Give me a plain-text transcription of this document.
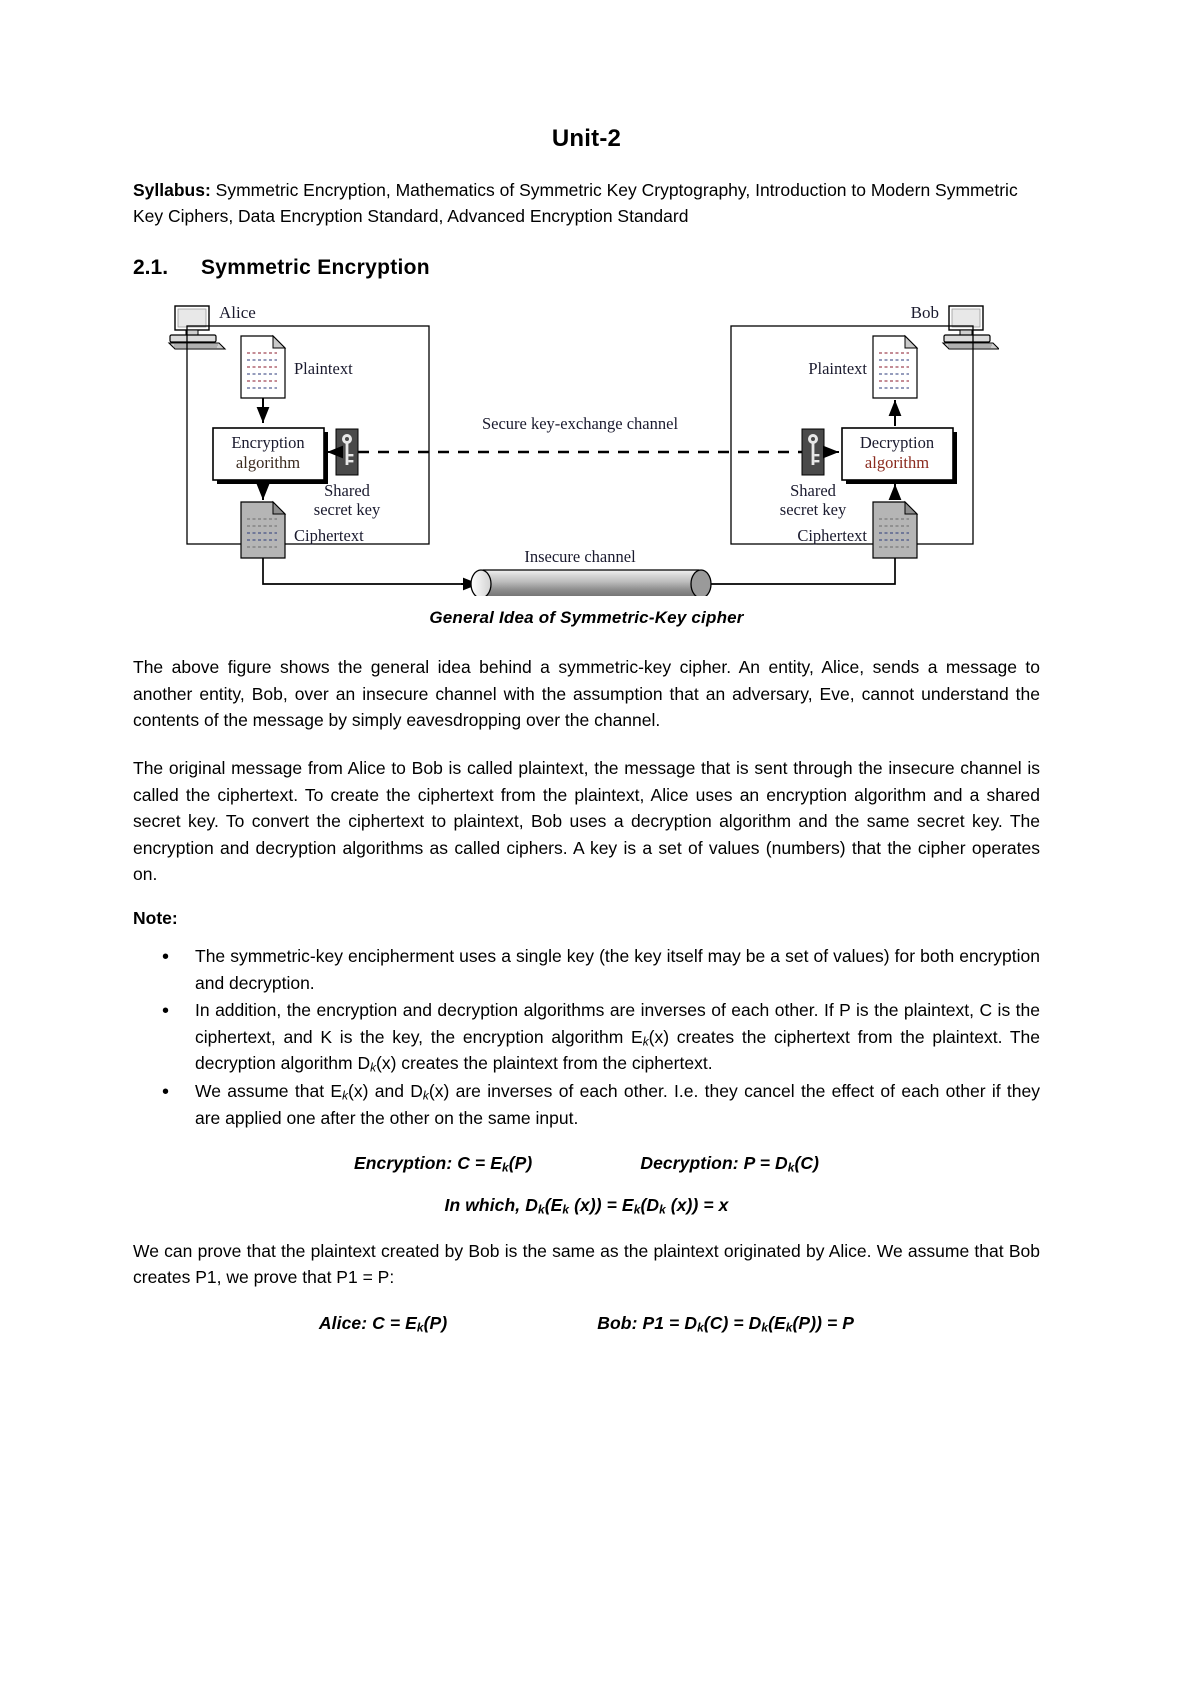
Unit-2

Syllabus: Symmetric Encryption, Mathematics of Symmetric Key Cryptography, Introduction to Modern Symmetric Key Ciphers, Data Encryption Standard, Advanced Encryption Standard

2.1.	Symmetric Encryption
Alice	Bob
Plaintext
Encryption
algorithm
Shared
secret key
Ciphertext
Secure key-exchange channel
Plaintext
Decryption
algorithm
Shared
secret key
Ciphertext
Insecure channel
General Idea of Symmetric-Key cipher

The above figure shows the general idea behind a symmetric-key cipher. An entity, Alice, sends a message to another entity, Bob, over an insecure channel with the assumption that an adversary, Eve, cannot understand the contents of the message by simply eavesdropping over the channel.

The original message from Alice to Bob is called plaintext, the message that is sent through the insecure channel is called the ciphertext. To create the ciphertext from the plaintext, Alice uses an encryption algorithm and a shared secret key. To convert the ciphertext to plaintext, Bob uses a decryption algorithm and the same secret key. The encryption and decryption algorithms as called ciphers. A key is a set of values (numbers) that the cipher operates on.

Note:
• The symmetric-key encipherment uses a single key (the key itself may be a set of values) for both encryption and decryption.
• In addition, the encryption and decryption algorithms are inverses of each other. If P is the plaintext, C is the ciphertext, and K is the key, the encryption algorithm $E_k(x)$ creates the ciphertext from the plaintext. The decryption algorithm $D_k(x)$ creates the plaintext from the ciphertext.
• We assume that $E_k(x)$ and $D_k(x)$ are inverses of each other. I.e. they cancel the effect of each other if they are applied one after the other on the same input.
Encryption: $C = E_k(P)$	Decryption: $P = D_k(C)$
In which, $D_k(E_k$ $(x)) = E_k(D_k$ (x)) = x

We can prove that the plaintext created by Bob is the same as the plaintext originated by Alice. We assume that Bob creates P1, we prove that P1 = P:

Alice: $C = E_k(P)$	Bob: $P1 = D_k(C) = D_k(E_k(P)) = P$
